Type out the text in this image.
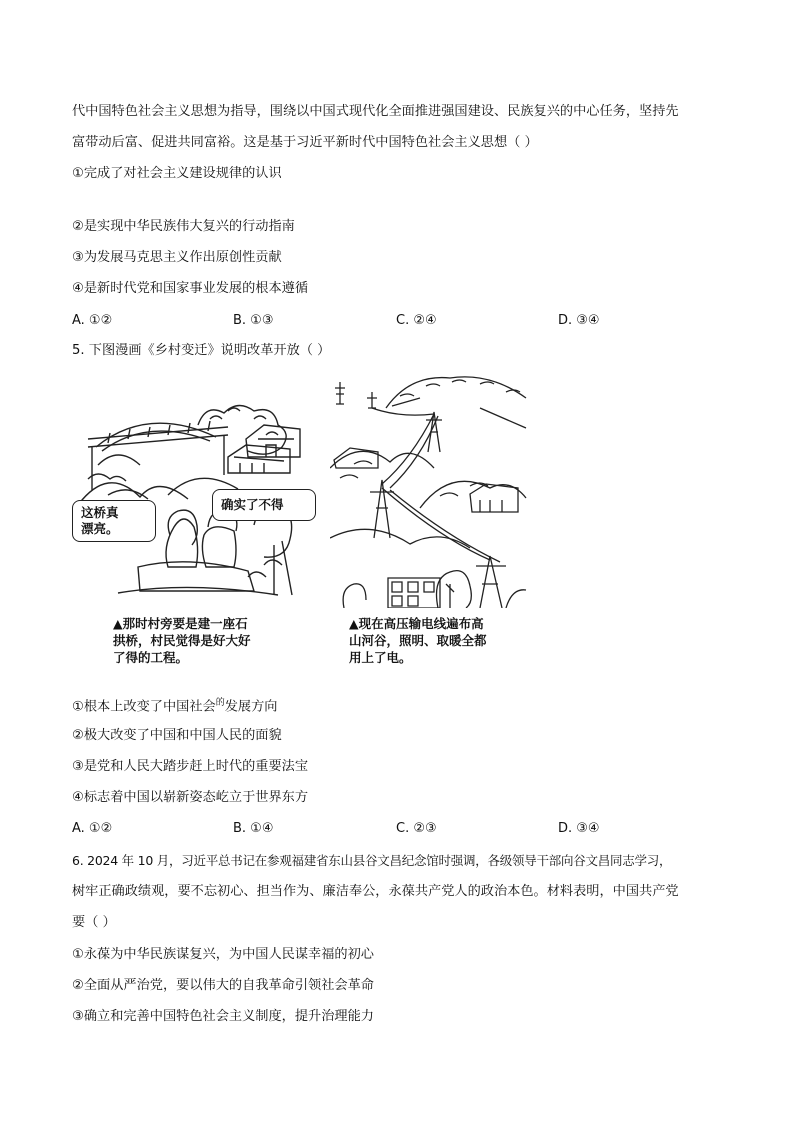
代中国特色社会主义思想为指导，围绕以中国式现代化全面推进强国建设、民族复兴的中心任务，坚持先
富带动后富、促进共同富裕。这是基于习近平新时代中国特色社会主义思想（ ）
①完成了对社会主义建设规律的认识
②是实现中华民族伟大复兴的行动指南
③为发展马克思主义作出原创性贡献
④是新时代党和国家事业发展的根本遵循
A. ①②	B. ①③	C. ②④	D. ③④
5. 下图漫画《乡村变迁》说明改革开放（ ）
这桥真
漂亮。
确实了不得
▲那时村旁要是建一座石
拱桥，村民觉得是好大好
了得的工程。
▲现在高压输电线遍布高
山河谷，照明、取暖全都
用上了电。
①根本上改变了中国社会$^的$发展方向
②极大改变了中国和中国人民的面貌
③是党和人民大踏步赶上时代的重要法宝
④标志着中国以崭新姿态屹立于世界东方
A. ①②	B. ①④	C. ②③	D. ③④
6. 2024 年 10 月，习近平总书记在参观福建省东山县谷文昌纪念馆时强调，各级领导干部向谷文昌同志学习，
树牢正确政绩观，要不忘初心、担当作为、廉洁奉公，永葆共产党人的政治本色。材料表明，中国共产党
要（ ）
①永葆为中华民族谋复兴，为中国人民谋幸福的初心
②全面从严治党，要以伟大的自我革命引领社会革命
③确立和完善中国特色社会主义制度，提升治理能力
